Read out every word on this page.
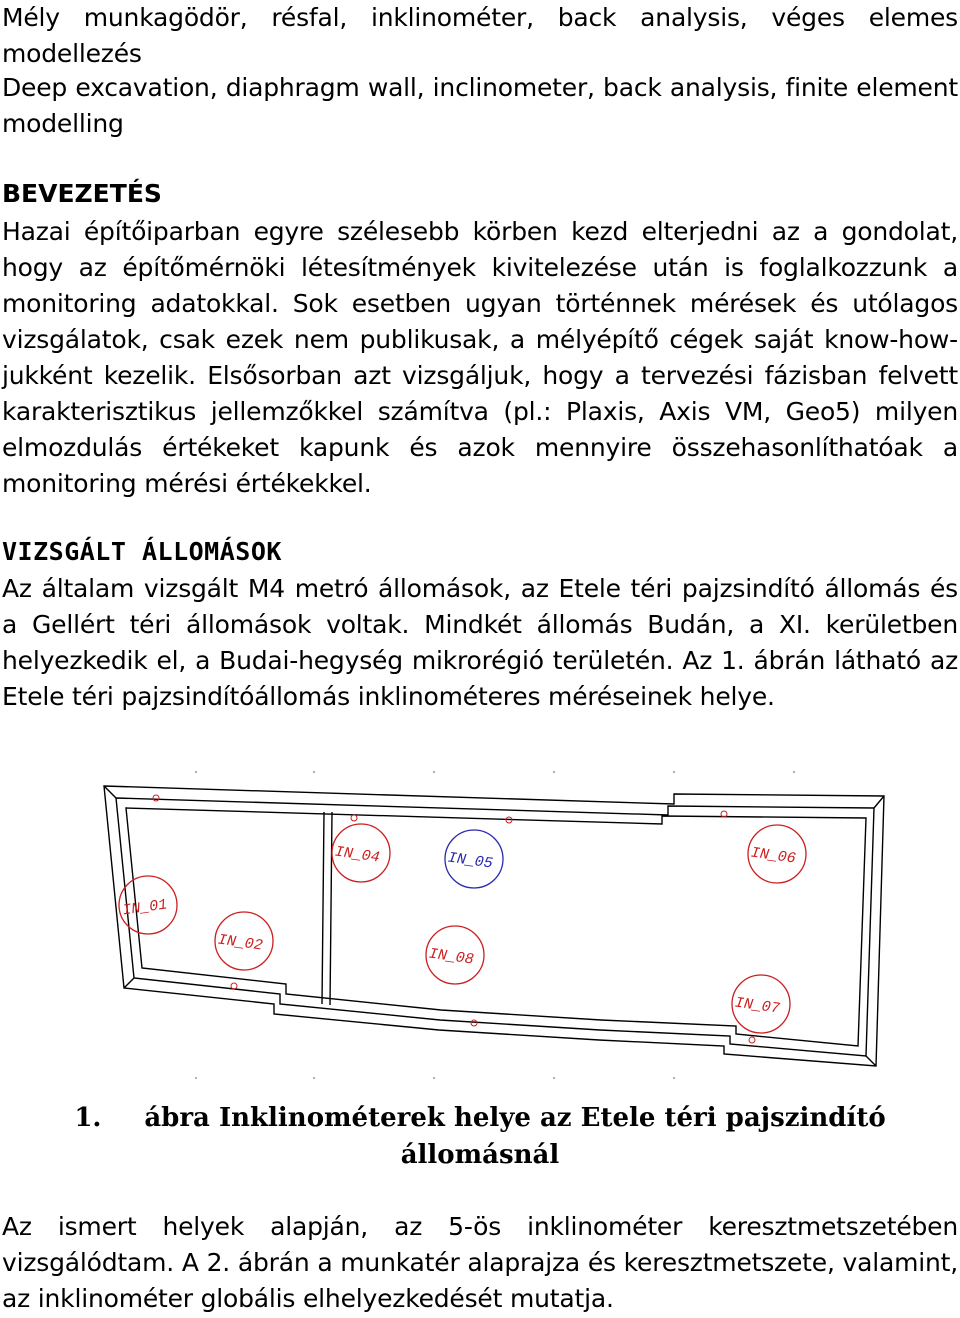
Mély munkagödör, résfal, inklinométer, back analysis, véges elemes modellezés

Deep excavation, diaphragm wall, inclinometer, back analysis, finite element modelling

BEVEZETÉS

Hazai építőiparban egyre szélesebb körben kezd elterjedni az a gondolat, hogy az építőmérnöki létesítmények kivitelezése után is foglalkozzunk a monitoring adatokkal. Sok esetben ugyan történnek mérések és utólagos vizsgálatok, csak ezek nem publikusak, a mélyépítő cégek saját know-how-jukként kezelik. Elsősorban azt vizsgáljuk, hogy a tervezési fázisban felvett karakterisztikus jellemzőkkel számítva (pl.: Plaxis, Axis VM, Geo5) milyen elmozdulás értékeket kapunk és azok mennyire összehasonlíthatóak a monitoring mérési értékekkel.

VIZSGÁLT ÁLLOMÁSOK

Az általam vizsgált M4 metró állomások, az Etele téri pajzsindító állomás és a Gellért téri állomások voltak. Mindkét állomás Budán, a XI. kerületben helyezkedik el, a Budai-hegység mikrorégió területén. Az 1. ábrán látható az Etele téri pajzsindítóállomás inklinométeres méréseinek helye.

IN_01
IN_02
IN_04	IN_05	IN_06
IN_07
IN_08

1. ábra Inklinométerek helye az Etele téri pajszindító
állomásnál

Az ismert helyek alapján, az 5-ös inklinométer keresztmetszetében vizsgálódtam. A 2. ábrán a munkatér alaprajza és keresztmetszete, valamint, az inklinométer globális elhelyezkedését mutatja.
